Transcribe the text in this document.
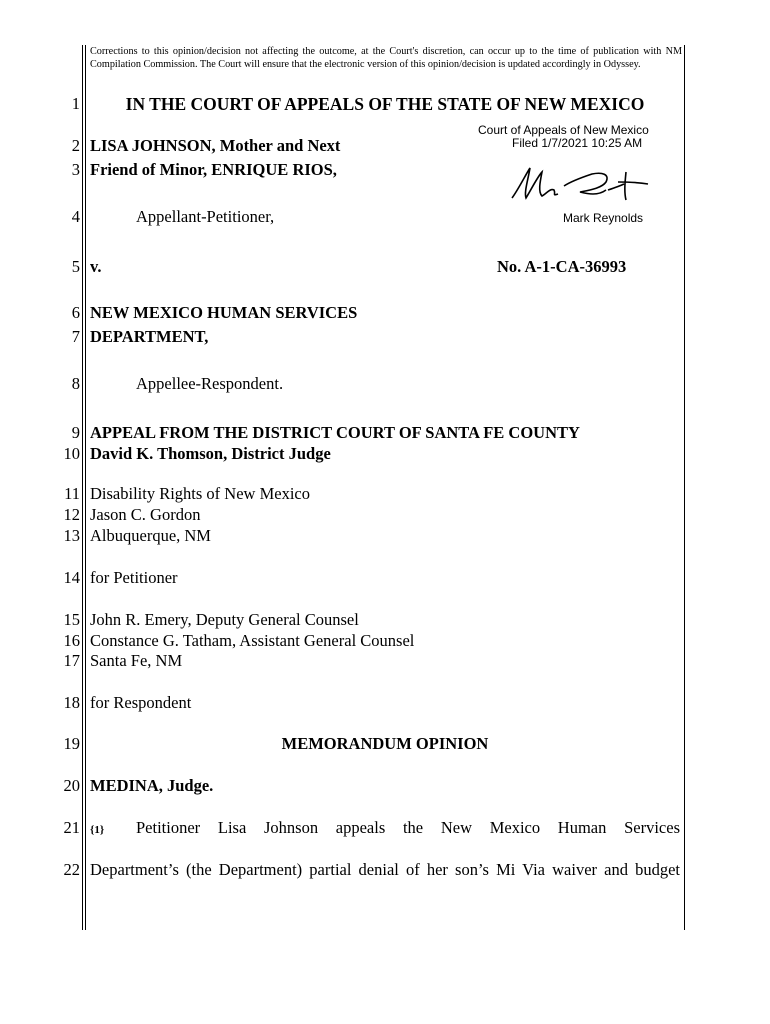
Corrections to this opinion/decision not affecting the outcome, at the Court's discretion, can occur up to the time of publication with NM Compilation Commission. The Court will ensure that the electronic version of this opinion/decision is updated accordingly in Odyssey.
1
2
3
4
5
6
7
8
9
10
11
12
13
14
15
16
17
18
19
20
21
22
IN THE COURT OF APPEALS OF THE STATE OF NEW MEXICO
Court of Appeals of New Mexico
Filed 1/7/2021 10:25 AM
Mark Reynolds
LISA JOHNSON, Mother and Next
Friend of Minor, ENRIQUE RIOS,
Appellant-Petitioner,
v.	No. A-1-CA-36993
NEW MEXICO HUMAN SERVICES
DEPARTMENT,
Appellee-Respondent.
APPEAL FROM THE DISTRICT COURT OF SANTA FE COUNTY
David K. Thomson, District Judge
Disability Rights of New Mexico
Jason C. Gordon
Albuquerque, NM
for Petitioner
John R. Emery, Deputy General Counsel
Constance G. Tatham, Assistant General Counsel
Santa Fe, NM
for Respondent
MEMORANDUM OPINION
MEDINA, Judge.
{1} Petitioner Lisa Johnson appeals the New Mexico Human Services
Department’s (the Department) partial denial of her son’s Mi Via waiver and budget
